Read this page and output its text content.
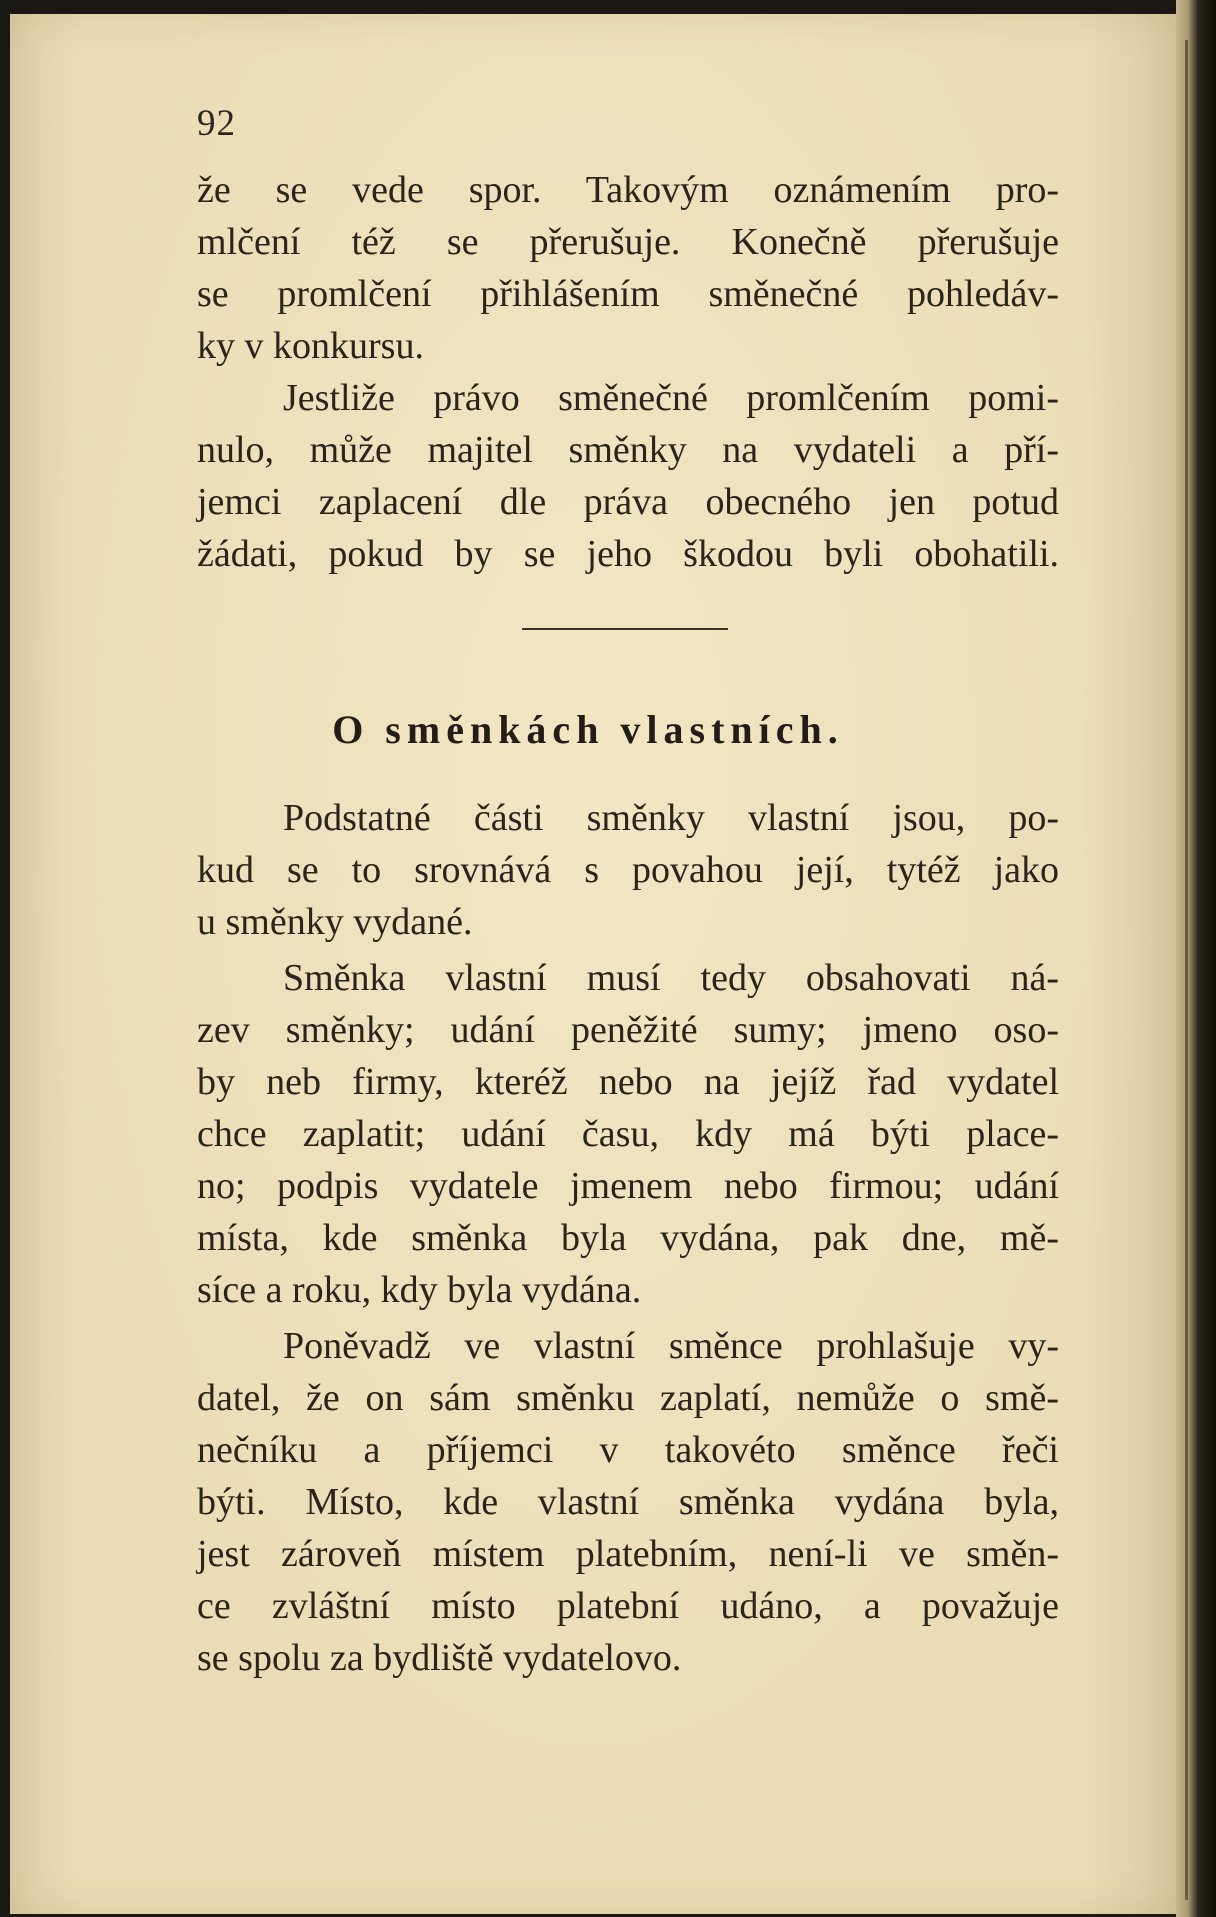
92
že se vede spor. Takovým oznámením pro-
mlčení též se přerušuje. Konečně přerušuje
se promlčení přihlášením směnečné pohledáv-
ky v konkursu.
Jestliže právo směnečné promlčením pomi-
nulo, může majitel směnky na vydateli a pří-
jemci zaplacení dle práva obecného jen potud
žádati, pokud by se jeho škodou byli obohatili.
O směnkách vlastních.
Podstatné části směnky vlastní jsou, po-
kud se to srovnává s povahou její, tytéž jako
u směnky vydané.
Směnka vlastní musí tedy obsahovati ná-
zev směnky; udání peněžité sumy; jmeno oso-
by neb firmy, kteréž nebo na jejíž řad vydatel
chce zaplatit; udání času, kdy má býti place-
no; podpis vydatele jmenem nebo firmou; udání
místa, kde směnka byla vydána, pak dne, mě-
síce a roku, kdy byla vydána.
Poněvadž ve vlastní směnce prohlašuje vy-
datel, že on sám směnku zaplatí, nemůže o smě-
nečníku a příjemci v takovéto směnce řeči
býti. Místo, kde vlastní směnka vydána byla,
jest zároveň místem platebním, není-li ve směn-
ce zvláštní místo platební udáno, a považuje
se spolu za bydliště vydatelovo.
